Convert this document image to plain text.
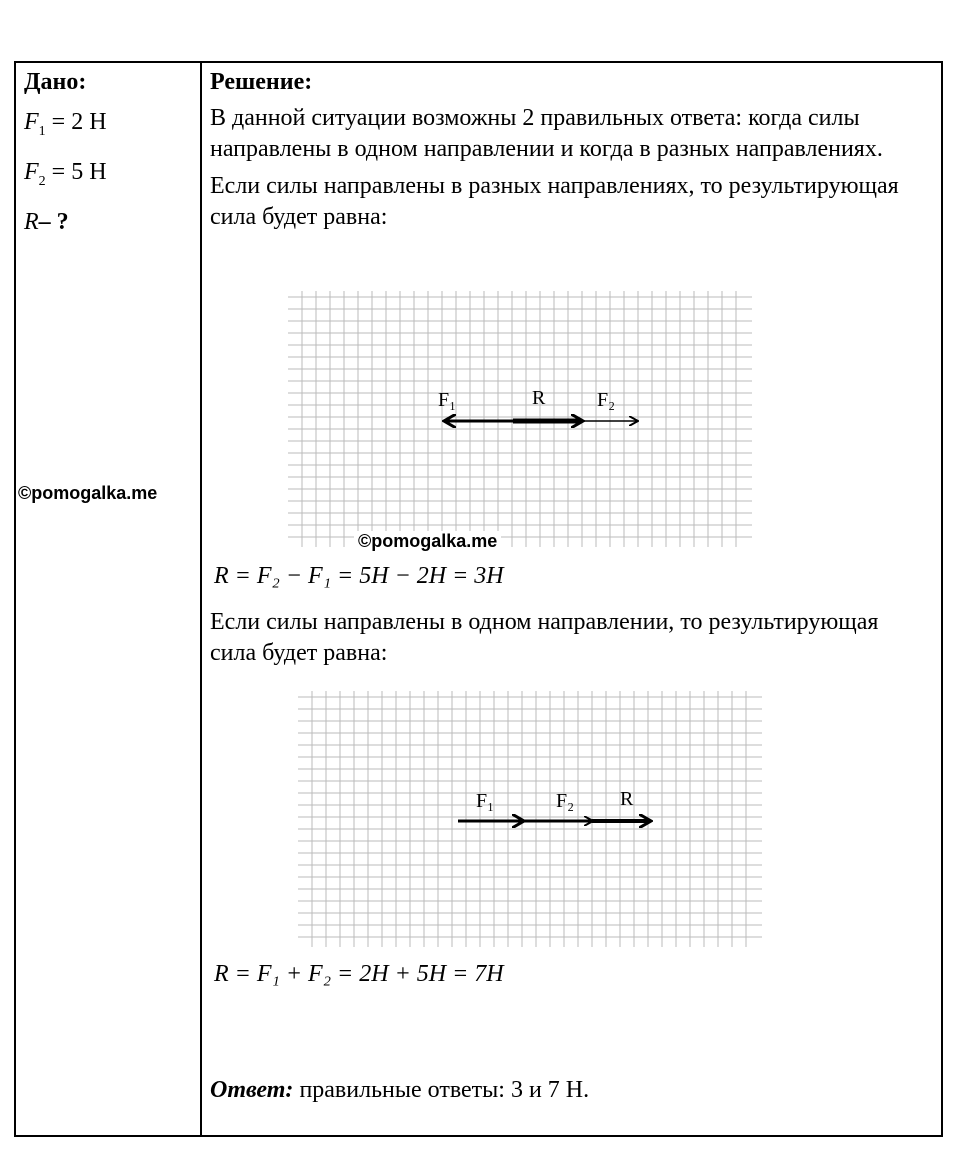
Дано:
$F_1 = 2$ Н
$F_2 = 5$ Н
R– ?
©pomogalka.me
Решение:

В данной ситуации возможны 2 правильных ответа: когда силы направлены в одном направлении и когда в разных направлениях.

Если силы направлены в разных направлениях, то результирующая сила будет равна:

F₁	R	F₂
©pomogalka.me
R = F₂ − F₁ = 5H − 2H = 3H

Если силы направлены в одном направлении, то результирующая сила будет равна:

F₁	F₂ R
R = F₁ + F₂ = 2H + 5H = 7H
Ответ: правильные ответы: 3 и 7 Н.
